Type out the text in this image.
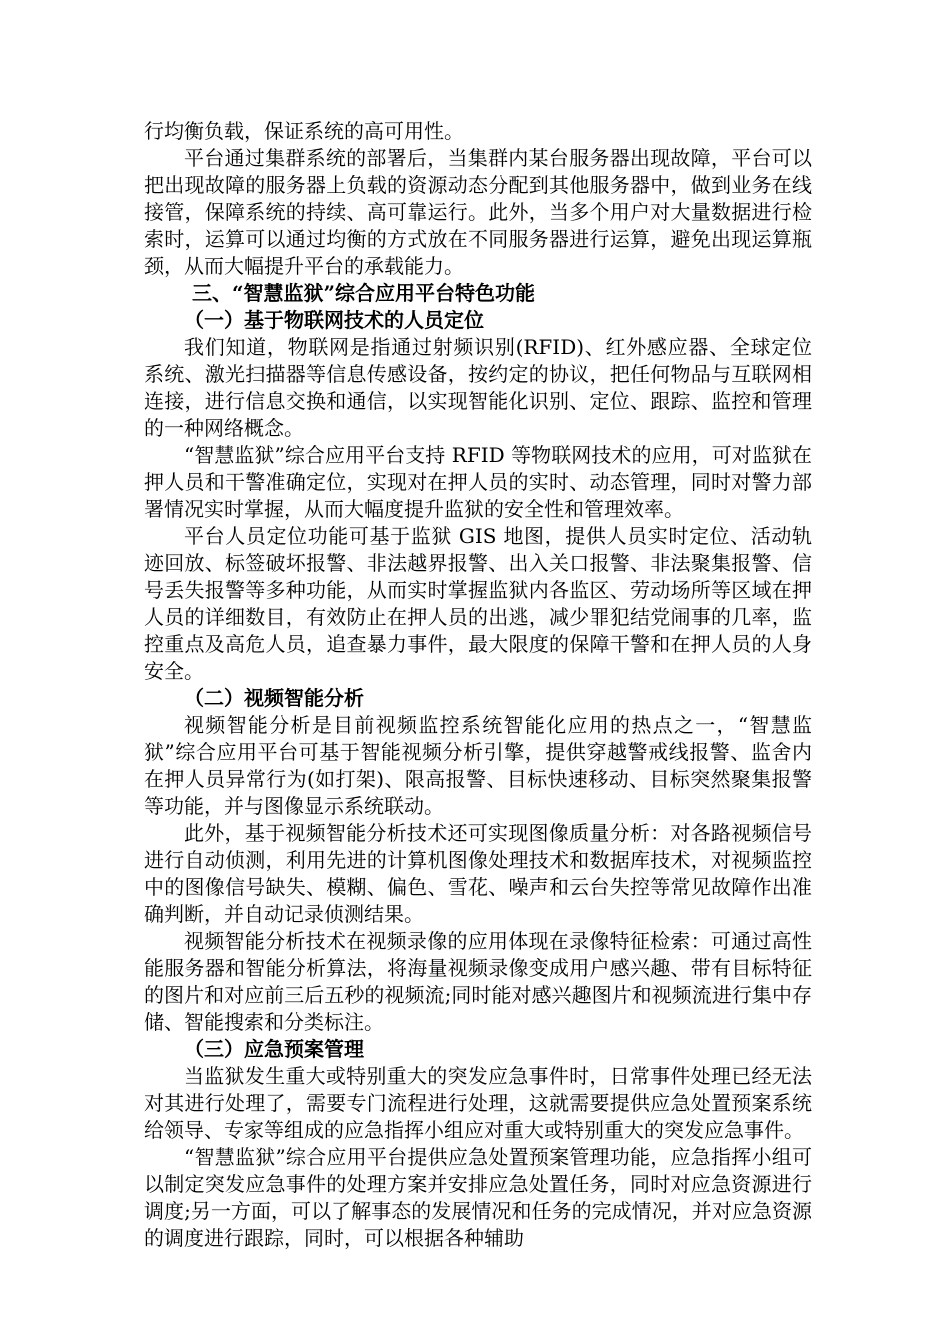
行均衡负载，保证系统的高可用性。

平台通过集群系统的部署后，当集群内某台服务器出现故障，平台可以把出现故障的服务器上负载的资源动态分配到其他服务器中，做到业务在线接管，保障系统的持续、高可靠运行。此外，当多个用户对大量数据进行检索时，运算可以通过均衡的方式放在不同服务器进行运算，避免出现运算瓶颈，从而大幅提升平台的承载能力。

三、“智慧监狱”综合应用平台特色功能

（一）基于物联网技术的人员定位

我们知道，物联网是指通过射频识别(RFID)、红外感应器、全球定位系统、激光扫描器等信息传感设备，按约定的协议，把任何物品与互联网相连接，进行信息交换和通信，以实现智能化识别、定位、跟踪、监控和管理的一种网络概念。

“智慧监狱”综合应用平台支持 RFID 等物联网技术的应用，可对监狱在押人员和干警准确定位，实现对在押人员的实时、动态管理，同时对警力部署情况实时掌握，从而大幅度提升监狱的安全性和管理效率。

平台人员定位功能可基于监狱 GIS 地图，提供人员实时定位、活动轨迹回放、标签破坏报警、非法越界报警、出入关口报警、非法聚集报警、信号丢失报警等多种功能，从而实时掌握监狱内各监区、劳动场所等区域在押人员的详细数目，有效防止在押人员的出逃，减少罪犯结党闹事的几率，监控重点及高危人员，追查暴力事件，最大限度的保障干警和在押人员的人身安全。

（二）视频智能分析

视频智能分析是目前视频监控系统智能化应用的热点之一，“智慧监狱”综合应用平台可基于智能视频分析引擎，提供穿越警戒线报警、监舍内在押人员异常行为(如打架)、限高报警、目标快速移动、目标突然聚集报警等功能，并与图像显示系统联动。

此外，基于视频智能分析技术还可实现图像质量分析：对各路视频信号进行自动侦测，利用先进的计算机图像处理技术和数据库技术，对视频监控中的图像信号缺失、模糊、偏色、雪花、噪声和云台失控等常见故障作出准确判断，并自动记录侦测结果。

视频智能分析技术在视频录像的应用体现在录像特征检索：可通过高性能服务器和智能分析算法，将海量视频录像变成用户感兴趣、带有目标特征的图片和对应前三后五秒的视频流;同时能对感兴趣图片和视频流进行集中存储、智能搜索和分类标注。

（三）应急预案管理

当监狱发生重大或特别重大的突发应急事件时，日常事件处理已经无法对其进行处理了，需要专门流程进行处理，这就需要提供应急处置预案系统给领导、专家等组成的应急指挥小组应对重大或特别重大的突发应急事件。

“智慧监狱”综合应用平台提供应急处置预案管理功能，应急指挥小组可以制定突发应急事件的处理方案并安排应急处置任务，同时对应急资源进行调度;另一方面，可以了解事态的发展情况和任务的完成情况，并对应急资源的调度进行跟踪，同时，可以根据各种辅助
